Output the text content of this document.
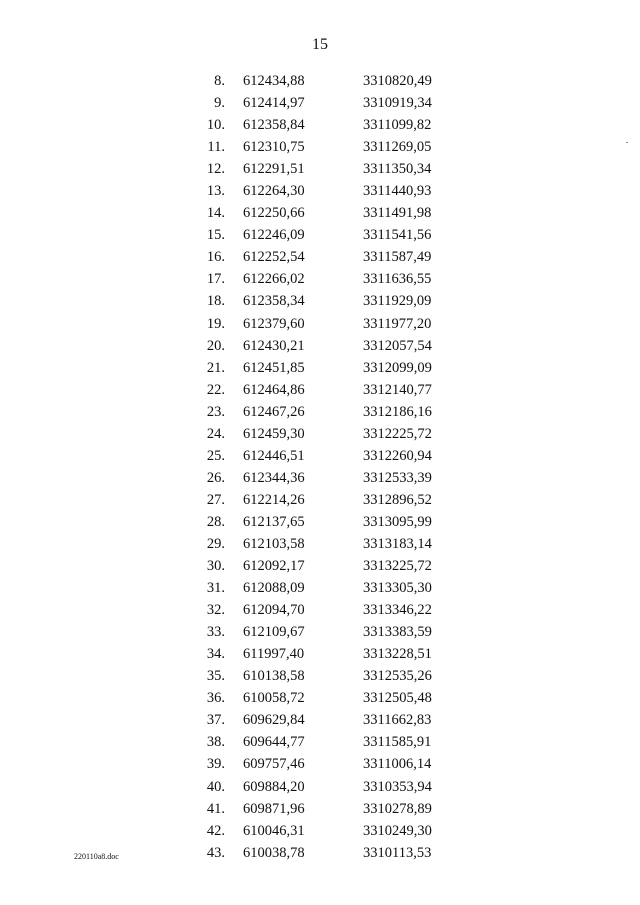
15
8.	612434,88	3310820,49
9.	612414,97	3310919,34
10.	612358,84	3311099,82
11.	612310,75	3311269,05
12.	612291,51	3311350,34
13.	612264,30	3311440,93
14.	612250,66	3311491,98
15.	612246,09	3311541,56
16.	612252,54	3311587,49
17.	612266,02	3311636,55
18.	612358,34	3311929,09
19.	612379,60	3311977,20
20.	612430,21	3312057,54
21.	612451,85	3312099,09
22.	612464,86	3312140,77
23.	612467,26	3312186,16
24.	612459,30	3312225,72
25.	612446,51	3312260,94
26.	612344,36	3312533,39
27.	612214,26	3312896,52
28.	612137,65	3313095,99
29.	612103,58	3313183,14
30.	612092,17	3313225,72
31.	612088,09	3313305,30
32.	612094,70	3313346,22
33.	612109,67	3313383,59
34.	611997,40	3313228,51
35.	610138,58	3312535,26
36.	610058,72	3312505,48
37.	609629,84	3311662,83
38.	609644,77	3311585,91
39.	609757,46	3311006,14
40.	609884,20	3310353,94
41.	609871,96	3310278,89
42.	610046,31	3310249,30
43.	610038,78	3310113,53
220110a8.doc
